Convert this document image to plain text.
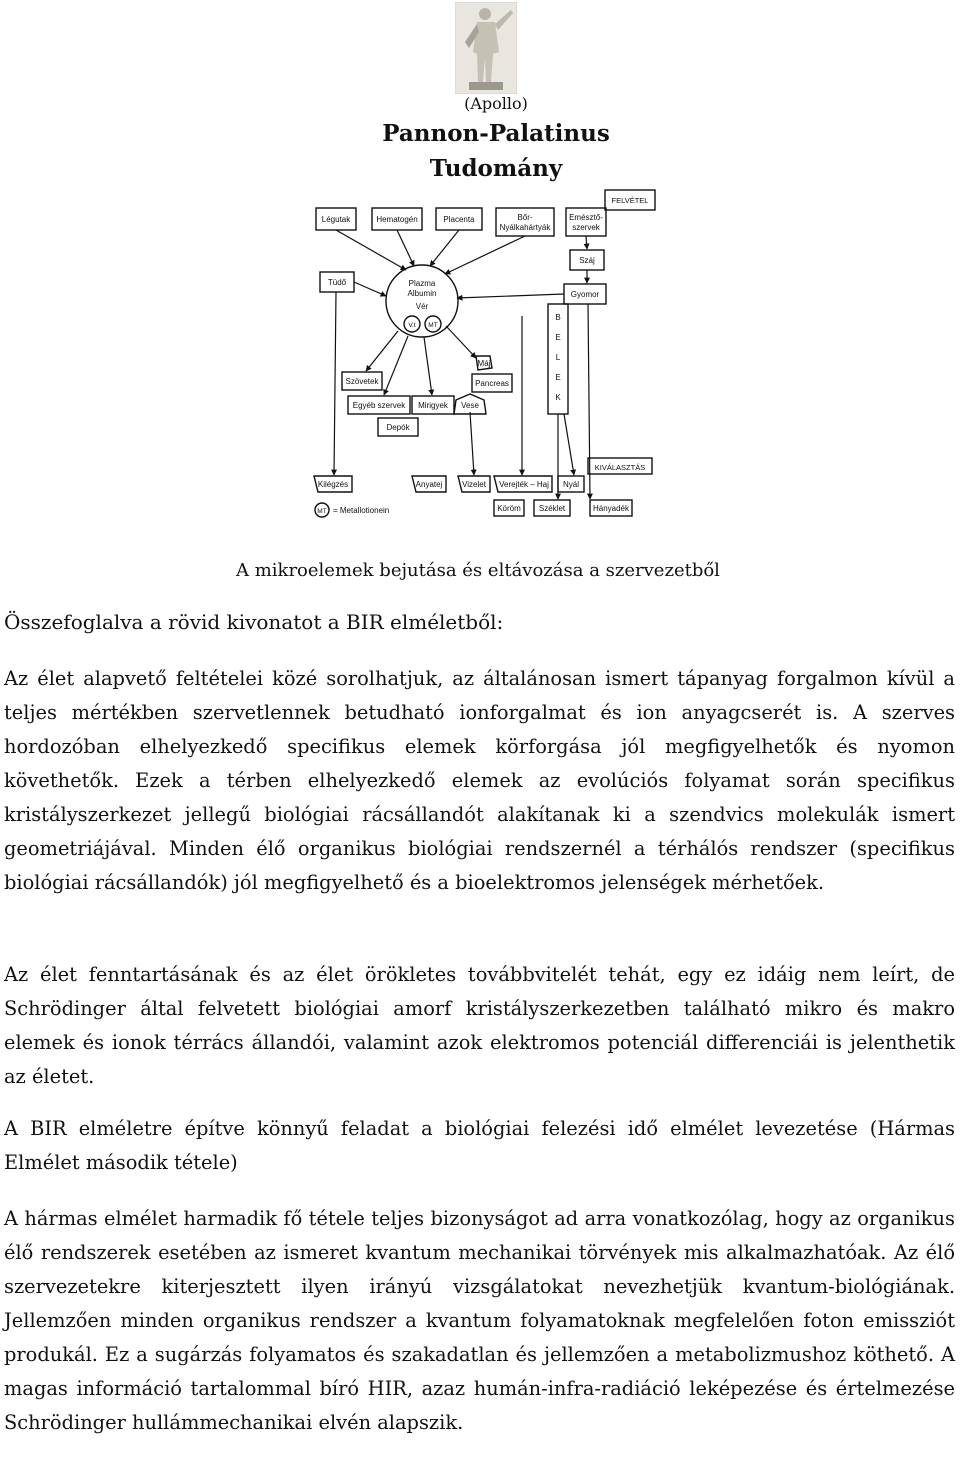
(Apollo)
Pannon-Palatinus
Tudomány
FELVÉTEL
Légutak	Hematogén	Placenta	Bőr-
Nyálkahártyák
Emésztő-
szervek
Száj
Gyomor
Tüdő	Plazma
Albumin
Vér
V.t MT
B
E
L
E
K
Máj
Pancreas
Szövetek
Egyéb szervek Mirigyek Vese
Depók
KIVÁLASZTÁS
Kilégzés	Anyatej Vizelet Verejték – Haj Nyál
Köröm Széklet	Hányadék
MT = Metallotionein
A mikroelemek bejutása és eltávozása a szervezetből
Összefoglalva a rövid kivonatot a BIR elméletből:

Az élet alapvető feltételei közé sorolhatjuk, az általánosan ismert tápanyag forgalmon kívül a teljes mértékben szervetlennek betudható ionforgalmat és ion anyagcserét is. A szerves hordozóban elhelyezkedő specifikus elemek körforgása jól megfigyelhetők és nyomon követhetők. Ezek a térben elhelyezkedő elemek az evolúciós folyamat során specifikus kristályszerkezet jellegű biológiai rácsállandót alakítanak ki a szendvics molekulák ismert geometriájával. Minden élő organikus biológiai rendszernél a térhálós rendszer (specifikus biológiai rácsállandók) jól megfigyelhető és a bioelektromos jelenségek mérhetőek.

Az élet fenntartásának és az élet örökletes továbbvitelét tehát, egy ez idáig nem leírt, de Schrödinger által felvetett biológiai amorf kristályszerkezetben található mikro és makro elemek és ionok térrács állandói, valamint azok elektromos potenciál differenciái is jelenthetik az életet.

A BIR elméletre építve könnyű feladat a biológiai felezési idő elmélet levezetése (Hármas Elmélet második tétele)

A hármas elmélet harmadik fő tétele teljes bizonyságot ad arra vonatkozólag, hogy az organikus élő rendszerek esetében az ismeret kvantum mechanikai törvények mis alkalmazhatóak. Az élő szervezetekre kiterjesztett ilyen irányú vizsgálatokat nevezhetjük kvantum-biológiának. Jellemzően minden organikus rendszer a kvantum folyamatoknak megfelelően foton emissziót produkál. Ez a sugárzás folyamatos és szakadatlan és jellemzően a metabolizmushoz köthető. A magas információ tartalommal bíró HIR, azaz humán-infra-radiáció leképezése és értelmezése Schrödinger hullámmechanikai elvén alapszik.
